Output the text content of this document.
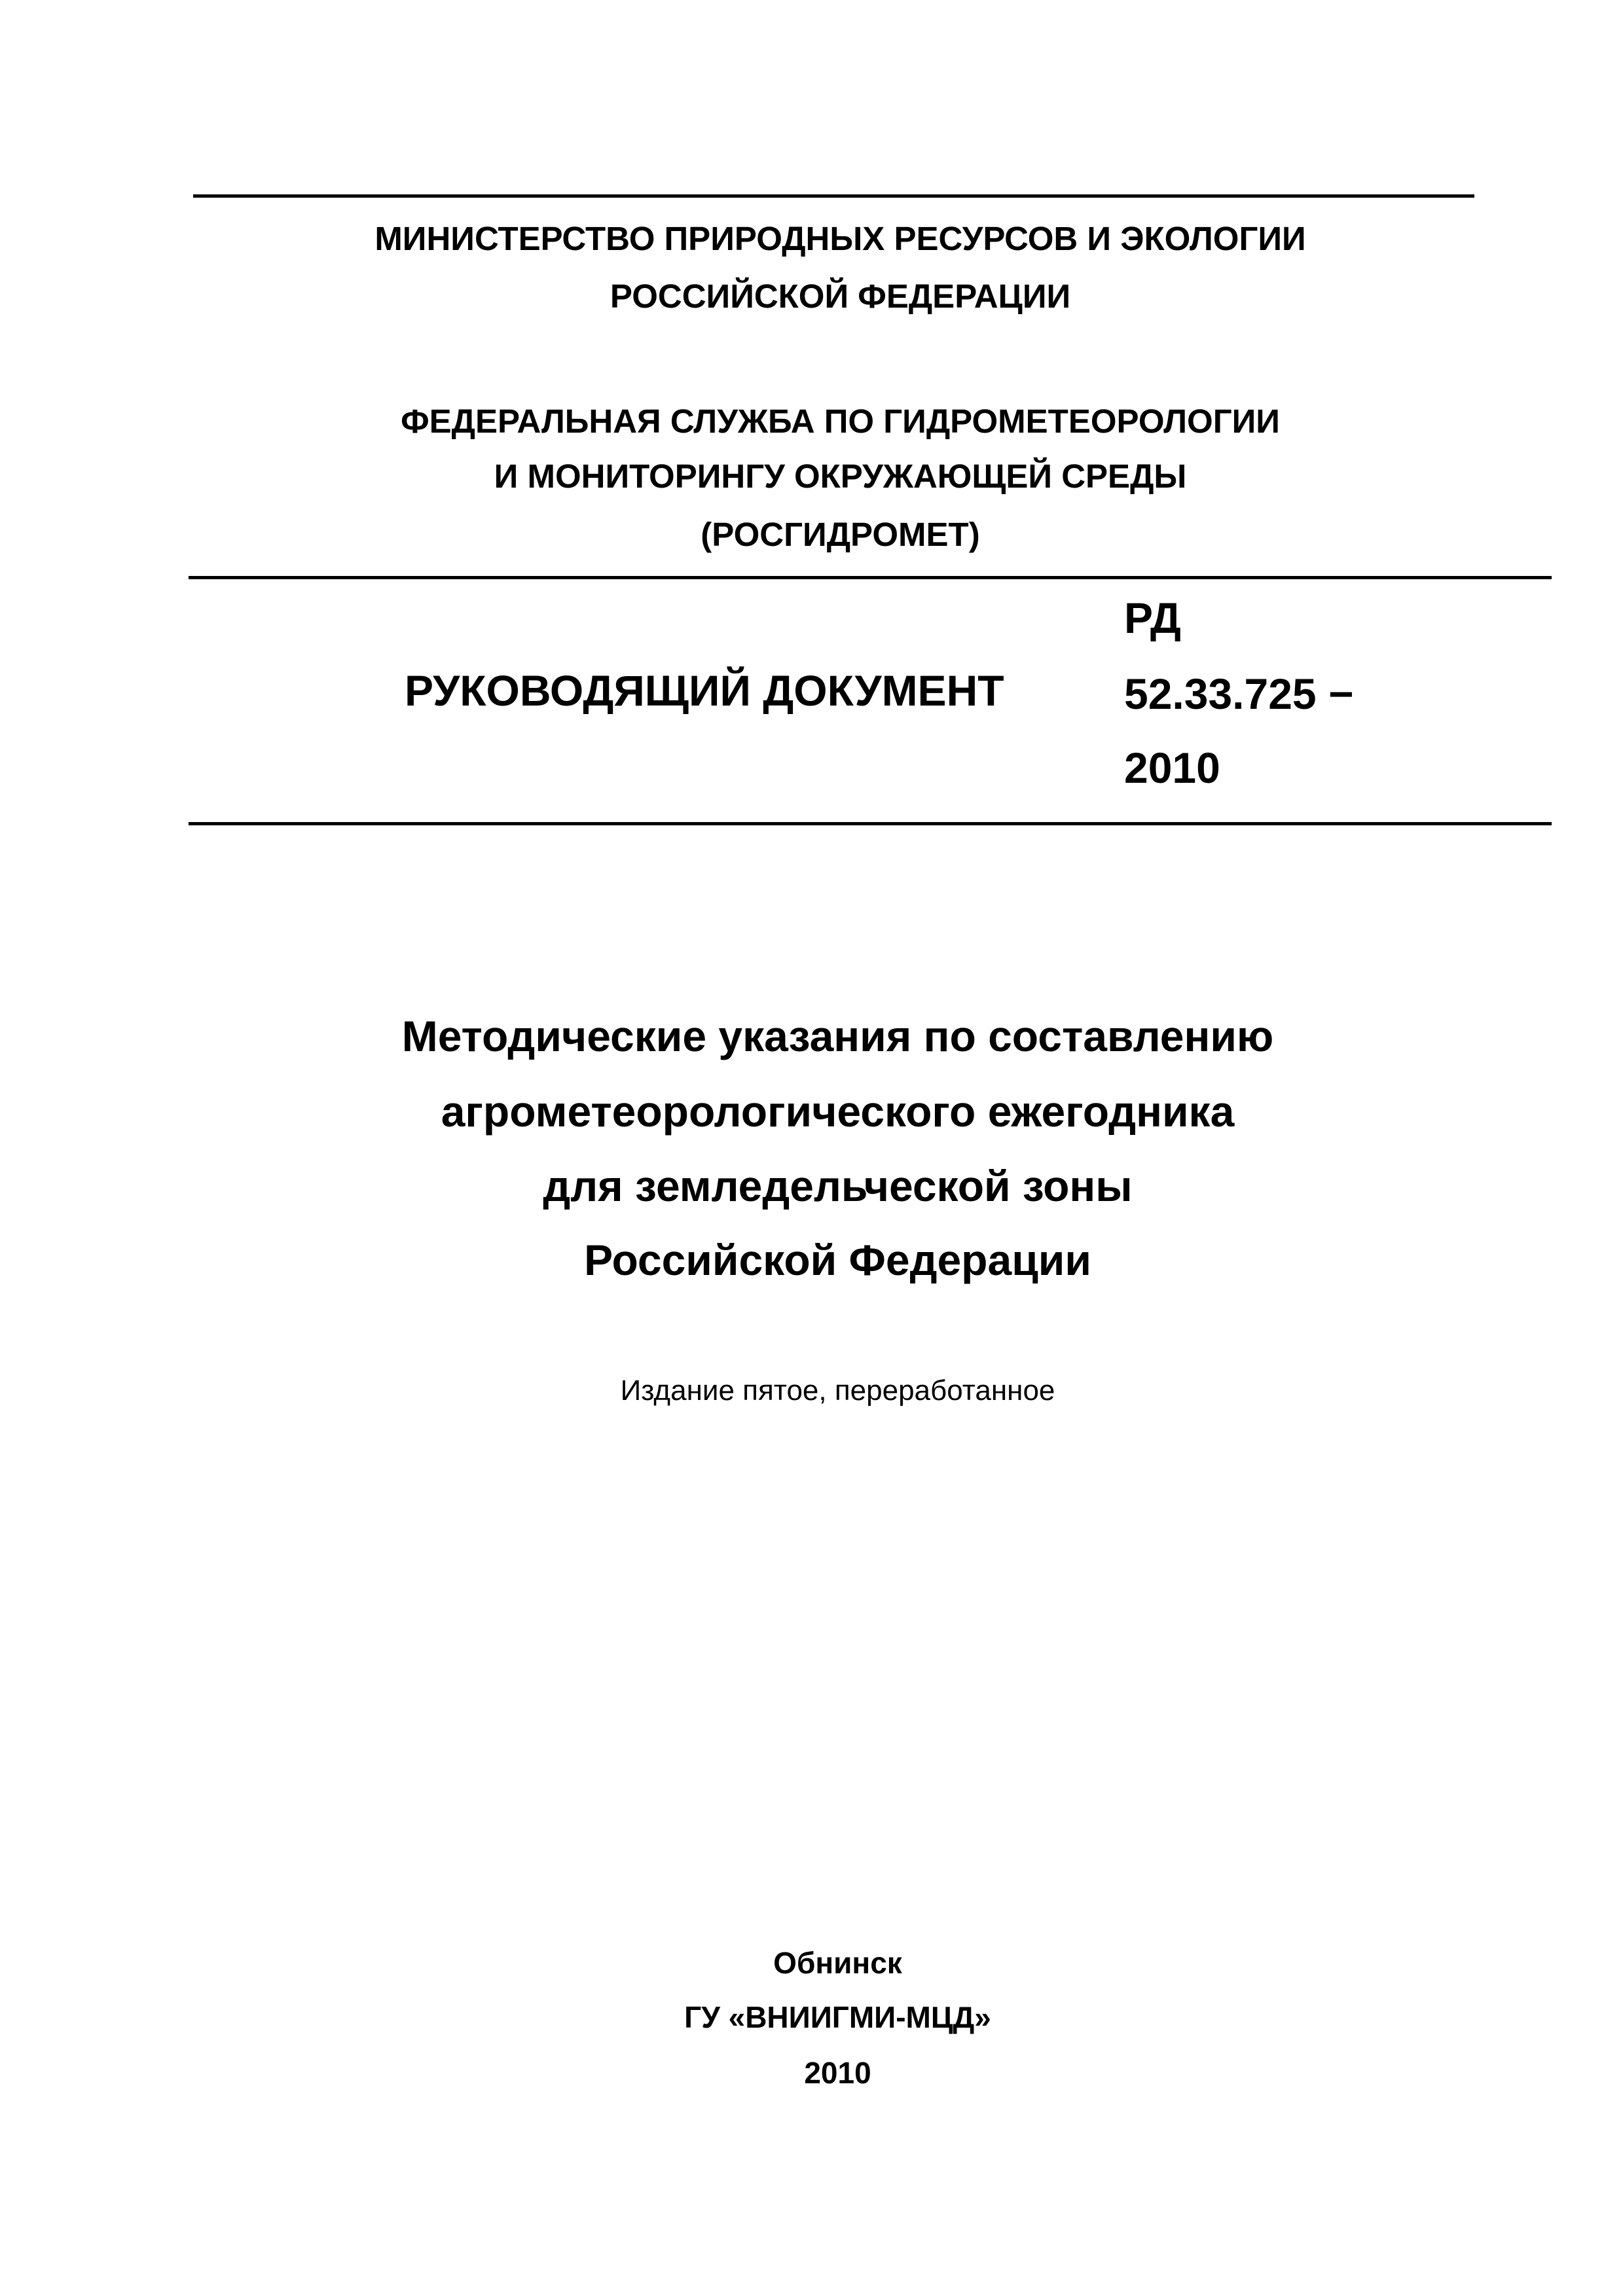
МИНИСТЕРСТВО ПРИРОДНЫХ РЕСУРСОВ И ЭКОЛОГИИ
РОССИЙСКОЙ ФЕДЕРАЦИИ
ФЕДЕРАЛЬНАЯ СЛУЖБА ПО ГИДРОМЕТЕОРОЛОГИИ
И МОНИТОРИНГУ ОКРУЖАЮЩЕЙ СРЕДЫ
(РОСГИДРОМЕТ)
РУКОВОДЯЩИЙ ДОКУМЕНТ
РД
52.33.725 −
2010
Методические указания по составлению
агрометеорологического ежегодника
для земледельческой зоны
Российской Федерации
Издание пятое, переработанное
Обнинск
ГУ «ВНИИГМИ-МЦД»
2010
